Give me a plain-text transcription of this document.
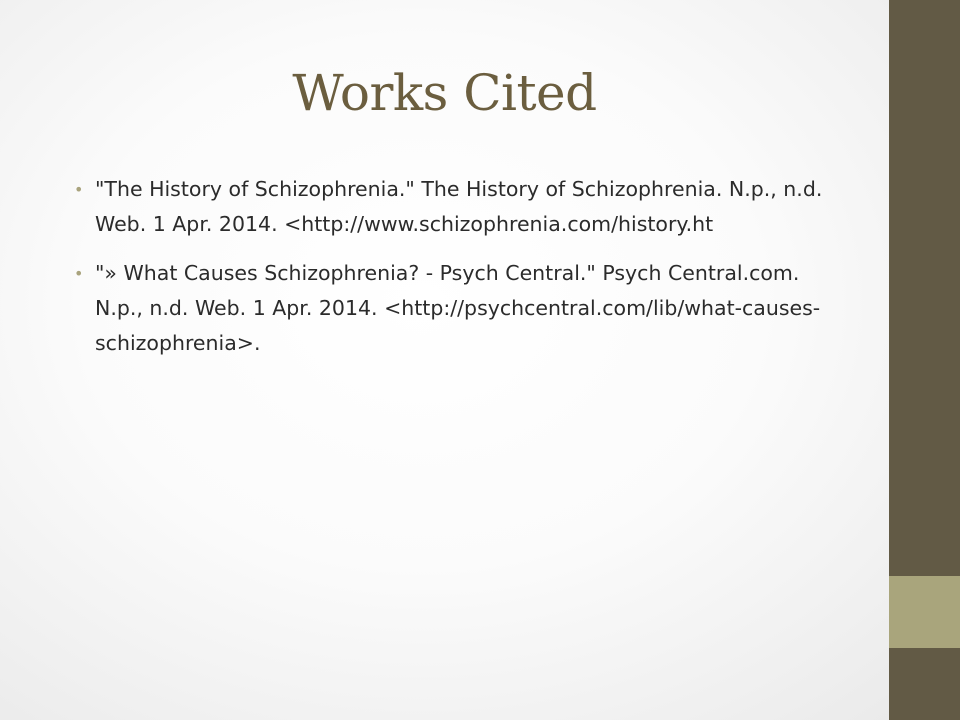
Works Cited
• "The History of Schizophrenia." The History of Schizophrenia. N.p., n.d. Web. 1 Apr. 2014. <http://www.schizophrenia.com/history.ht
• "» What Causes Schizophrenia? - Psych Central." Psych Central.com. N.p., n.d. Web. 1 Apr. 2014. <http://psychcentral.com/lib/what-causes-schizophrenia>.
